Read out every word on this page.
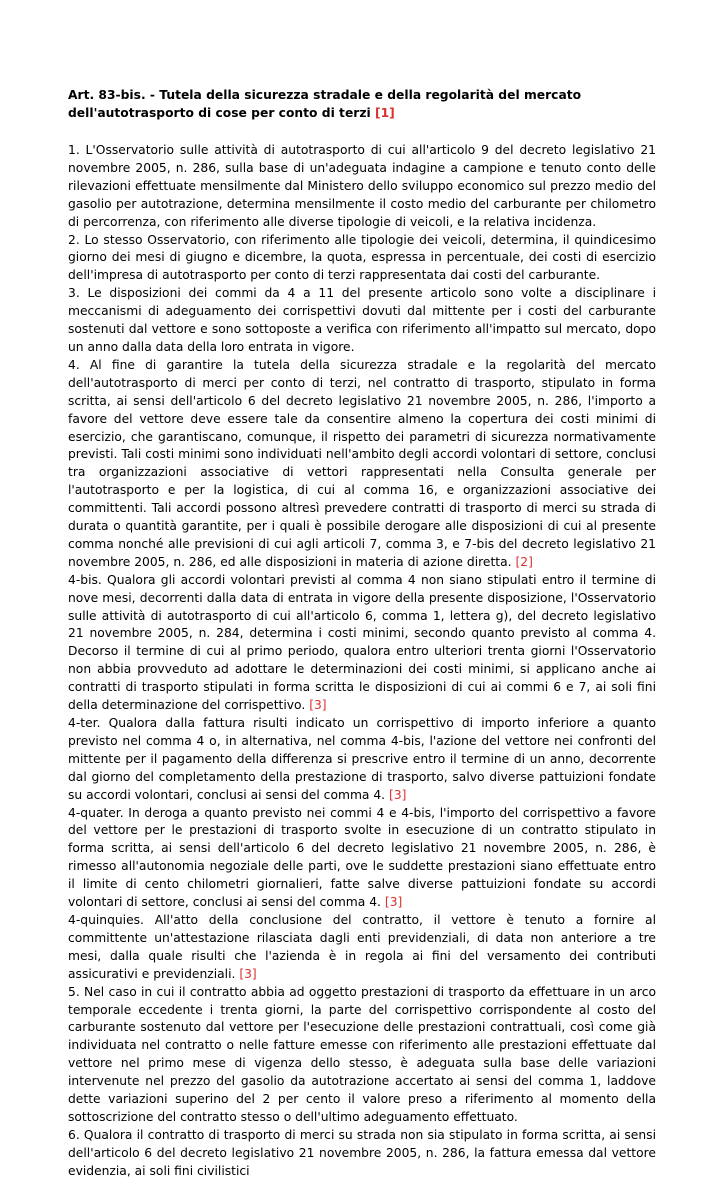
Art. 83-bis. - Tutela della sicurezza stradale e della regolarità del mercato dell'autotrasporto di cose per conto di terzi [1]

1. L'Osservatorio sulle attività di autotrasporto di cui all'articolo 9 del decreto legislativo 21 novembre 2005, n. 286, sulla base di un'adeguata indagine a campione e tenuto conto delle rilevazioni effettuate mensilmente dal Ministero dello sviluppo economico sul prezzo medio del gasolio per autotrazione, determina mensilmente il costo medio del carburante per chilometro di percorrenza, con riferimento alle diverse tipologie di veicoli, e la relativa incidenza.

2. Lo stesso Osservatorio, con riferimento alle tipologie dei veicoli, determina, il quindicesimo giorno dei mesi di giugno e dicembre, la quota, espressa in percentuale, dei costi di esercizio dell'impresa di autotrasporto per conto di terzi rappresentata dai costi del carburante.

3. Le disposizioni dei commi da 4 a 11 del presente articolo sono volte a disciplinare i meccanismi di adeguamento dei corrispettivi dovuti dal mittente per i costi del carburante sostenuti dal vettore e sono sottoposte a verifica con riferimento all'impatto sul mercato, dopo un anno dalla data della loro entrata in vigore.

4. Al fine di garantire la tutela della sicurezza stradale e la regolarità del mercato dell'autotrasporto di merci per conto di terzi, nel contratto di trasporto, stipulato in forma scritta, ai sensi dell'articolo 6 del decreto legislativo 21 novembre 2005, n. 286, l'importo a favore del vettore deve essere tale da consentire almeno la copertura dei costi minimi di esercizio, che garantiscano, comunque, il rispetto dei parametri di sicurezza normativamente previsti. Tali costi minimi sono individuati nell'ambito degli accordi volontari di settore, conclusi tra organizzazioni associative di vettori rappresentati nella Consulta generale per l'autotrasporto e per la logistica, di cui al comma 16, e organizzazioni associative dei committenti. Tali accordi possono altresì prevedere contratti di trasporto di merci su strada di durata o quantità garantite, per i quali è possibile derogare alle disposizioni di cui al presente comma nonché alle previsioni di cui agli articoli 7, comma 3, e 7-bis del decreto legislativo 21 novembre 2005, n. 286, ed alle disposizioni in materia di azione diretta. [2]

4-bis. Qualora gli accordi volontari previsti al comma 4 non siano stipulati entro il termine di nove mesi, decorrenti dalla data di entrata in vigore della presente disposizione, l'Osservatorio sulle attività di autotrasporto di cui all'articolo 6, comma 1, lettera g), del decreto legislativo 21 novembre 2005, n. 284, determina i costi minimi, secondo quanto previsto al comma 4. Decorso il termine di cui al primo periodo, qualora entro ulteriori trenta giorni l'Osservatorio non abbia provveduto ad adottare le determinazioni dei costi minimi, si applicano anche ai contratti di trasporto stipulati in forma scritta le disposizioni di cui ai commi 6 e 7, ai soli fini della determinazione del corrispettivo. [3]

4-ter. Qualora dalla fattura risulti indicato un corrispettivo di importo inferiore a quanto previsto nel comma 4 o, in alternativa, nel comma 4-bis, l'azione del vettore nei confronti del mittente per il pagamento della differenza si prescrive entro il termine di un anno, decorrente dal giorno del completamento della prestazione di trasporto, salvo diverse pattuizioni fondate su accordi volontari, conclusi ai sensi del comma 4. [3]

4-quater. In deroga a quanto previsto nei commi 4 e 4-bis, l'importo del corrispettivo a favore del vettore per le prestazioni di trasporto svolte in esecuzione di un contratto stipulato in forma scritta, ai sensi dell'articolo 6 del decreto legislativo 21 novembre 2005, n. 286, è rimesso all'autonomia negoziale delle parti, ove le suddette prestazioni siano effettuate entro il limite di cento chilometri giornalieri, fatte salve diverse pattuizioni fondate su accordi volontari di settore, conclusi ai sensi del comma 4. [3]

4-quinquies. All'atto della conclusione del contratto, il vettore è tenuto a fornire al committente un'attestazione rilasciata dagli enti previdenziali, di data non anteriore a tre mesi, dalla quale risulti che l'azienda è in regola ai fini del versamento dei contributi assicurativi e previdenziali. [3]

5. Nel caso in cui il contratto abbia ad oggetto prestazioni di trasporto da effettuare in un arco temporale eccedente i trenta giorni, la parte del corrispettivo corrispondente al costo del carburante sostenuto dal vettore per l'esecuzione delle prestazioni contrattuali, così come già individuata nel contratto o nelle fatture emesse con riferimento alle prestazioni effettuate dal vettore nel primo mese di vigenza dello stesso, è adeguata sulla base delle variazioni intervenute nel prezzo del gasolio da autotrazione accertato ai sensi del comma 1, laddove dette variazioni superino del 2 per cento il valore preso a riferimento al momento della sottoscrizione del contratto stesso o dell'ultimo adeguamento effettuato.

6. Qualora il contratto di trasporto di merci su strada non sia stipulato in forma scritta, ai sensi dell'articolo 6 del decreto legislativo 21 novembre 2005, n. 286, la fattura emessa dal vettore evidenzia, ai soli fini civilistici
